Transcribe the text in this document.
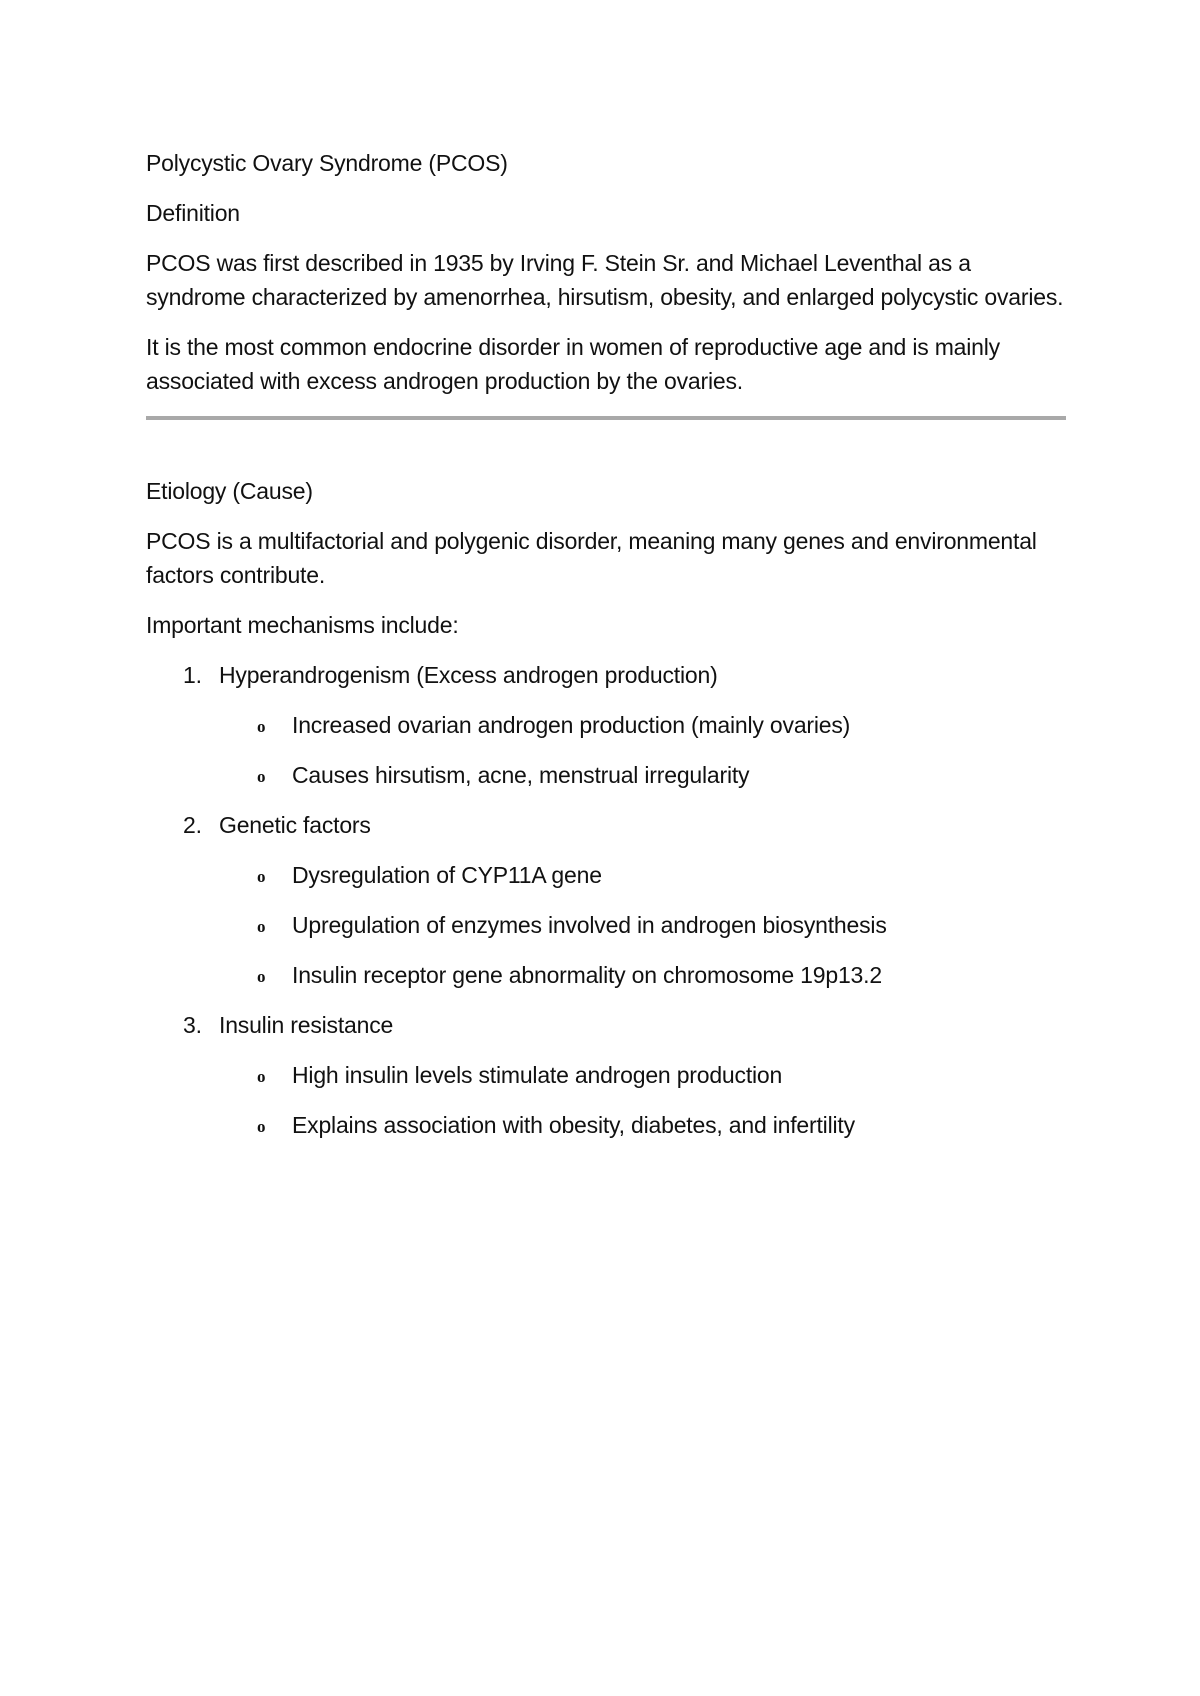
Polycystic Ovary Syndrome (PCOS)

Definition

PCOS was first described in 1935 by Irving F. Stein Sr. and Michael Leventhal as a syndrome characterized by amenorrhea, hirsutism, obesity, and enlarged polycystic ovaries.

It is the most common endocrine disorder in women of reproductive age and is mainly associated with excess androgen production by the ovaries.

Etiology (Cause)

PCOS is a multifactorial and polygenic disorder, meaning many genes and environmental factors contribute.

Important mechanisms include:

1. Hyperandrogenism (Excess androgen production)
o Increased ovarian androgen production (mainly ovaries)
o Causes hirsutism, acne, menstrual irregularity
2. Genetic factors
o Dysregulation of CYP11A gene
o Upregulation of enzymes involved in androgen biosynthesis
o Insulin receptor gene abnormality on chromosome 19p13.2
3. Insulin resistance
o High insulin levels stimulate androgen production
o Explains association with obesity, diabetes, and infertility
